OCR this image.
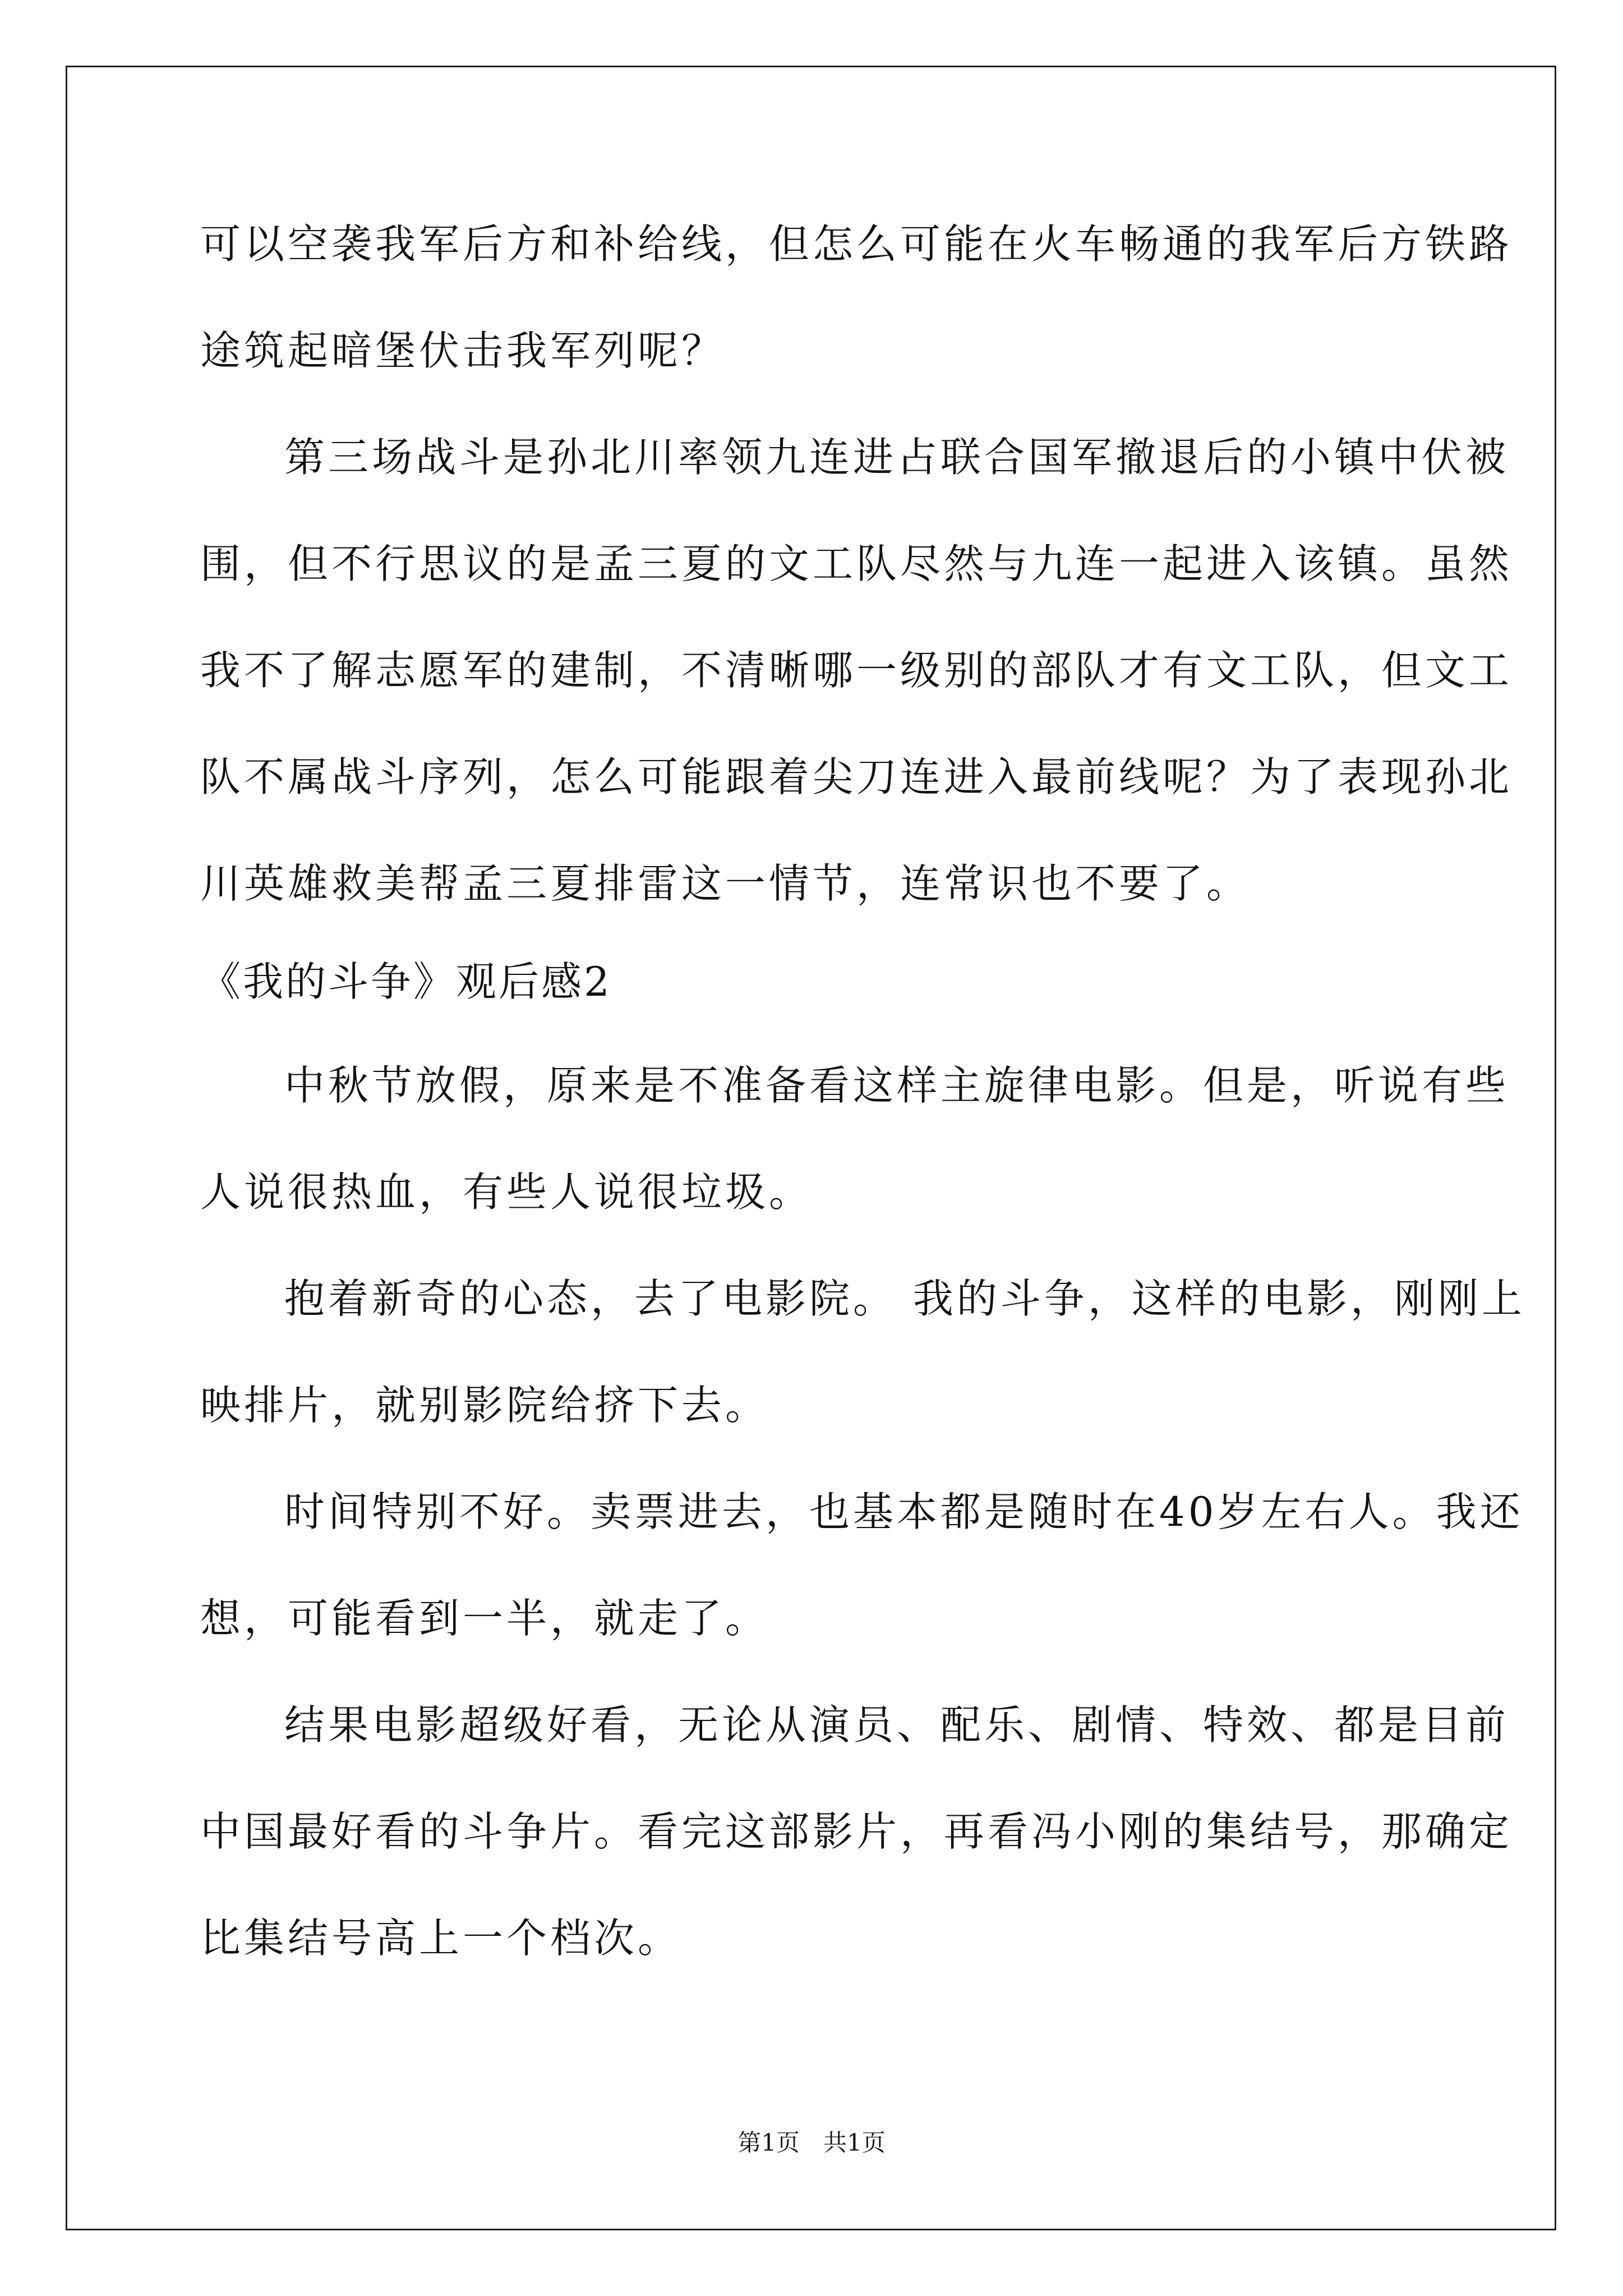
可以空袭我军后方和补给线，但怎么可能在火车畅通的我军后方铁路
途筑起暗堡伏击我军列呢？
第三场战斗是孙北川率领九连进占联合国军撤退后的小镇中伏被
围，但不行思议的是孟三夏的文工队尽然与九连一起进入该镇。虽然
我不了解志愿军的建制，不清晰哪一级别的部队才有文工队，但文工
队不属战斗序列，怎么可能跟着尖刀连进入最前线呢？为了表现孙北
川英雄救美帮孟三夏排雷这一情节，连常识也不要了。
《我的斗争》观后感2
中秋节放假，原来是不准备看这样主旋律电影。但是，听说有些
人说很热血，有些人说很垃圾。
抱着新奇的心态，去了电影院。 我的斗争，这样的电影，刚刚上
映排片，就别影院给挤下去。
时间特别不好。卖票进去，也基本都是随时在40岁左右人。我还
想，可能看到一半，就走了。
结果电影超级好看，无论从演员、配乐、剧情、特效、都是目前
中国最好看的斗争片。看完这部影片，再看冯小刚的集结号，那确定
比集结号高上一个档次。
第1页　共1页
